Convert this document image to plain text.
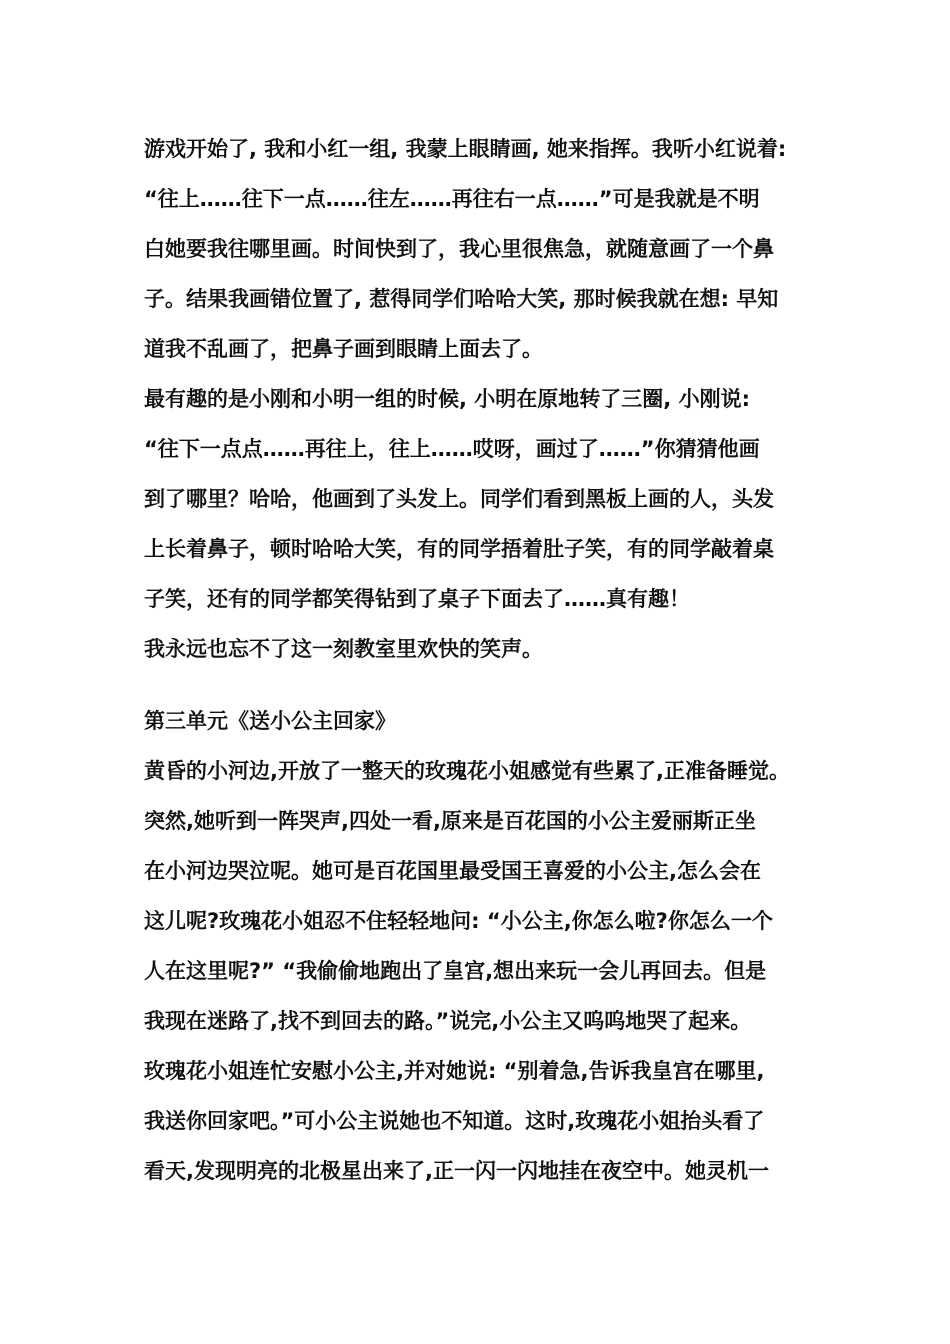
游戏开始了, 我和小红一组, 我蒙上眼睛画, 她来指挥。我听小红说着:

“往上……往下一点……往左……再往右一点……”可是我就是不明

白她要我往哪里画。时间快到了，我心里很焦急，就随意画了一个鼻

子。结果我画错位置了, 惹得同学们哈哈大笑, 那时候我就在想: 早知

道我不乱画了，把鼻子画到眼睛上面去了。

最有趣的是小刚和小明一组的时候, 小明在原地转了三圈, 小刚说:

“往下一点点……再往上，往上……哎呀，画过了……”你猜猜他画

到了哪里？哈哈，他画到了头发上。同学们看到黑板上画的人，头发

上长着鼻子，顿时哈哈大笑，有的同学捂着肚子笑，有的同学敲着桌

子笑，还有的同学都笑得钻到了桌子下面去了……真有趣！

我永远也忘不了这一刻教室里欢快的笑声。

第三单元《送小公主回家》

黄昏的小河边,开放了一整天的玫瑰花小姐感觉有些累了,正准备睡觉。

突然,她听到一阵哭声,四处一看,原来是百花国的小公主爱丽斯正坐

在小河边哭泣呢。她可是百花国里最受国王喜爱的小公主,怎么会在

这儿呢?玫瑰花小姐忍不住轻轻地问: “小公主,你怎么啦?你怎么一个

人在这里呢?” “我偷偷地跑出了皇宫,想出来玩一会儿再回去。但是

我现在迷路了,找不到回去的路。”说完,小公主又呜呜地哭了起来。

玫瑰花小姐连忙安慰小公主,并对她说: “别着急,告诉我皇宫在哪里,

我送你回家吧。”可小公主说她也不知道。这时,玫瑰花小姐抬头看了

看天,发现明亮的北极星出来了,正一闪一闪地挂在夜空中。她灵机一
